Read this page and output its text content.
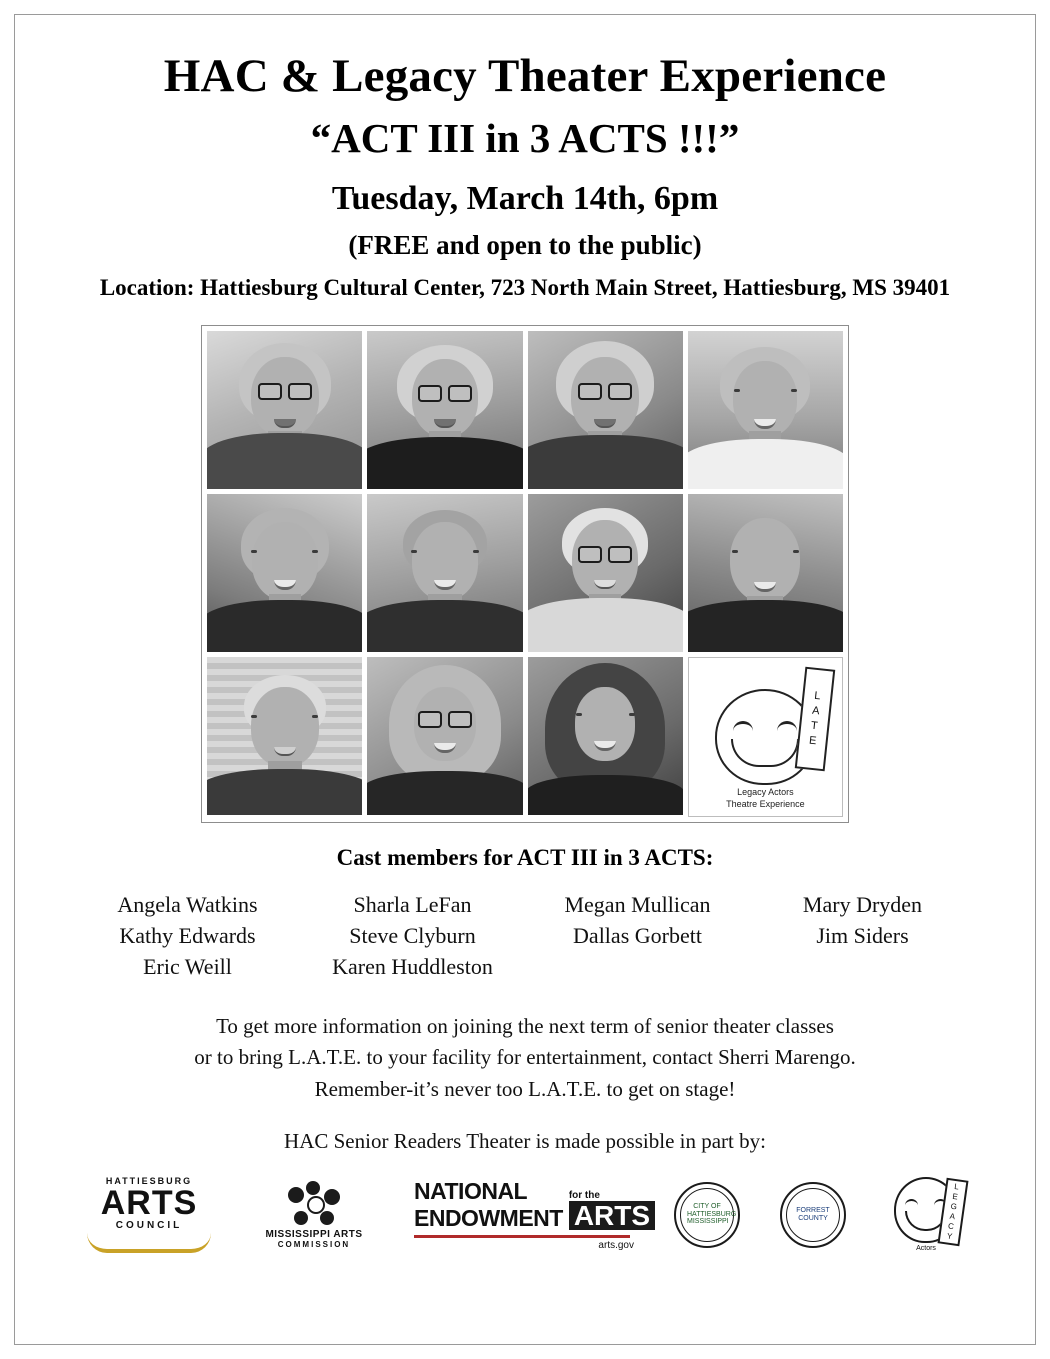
HAC & Legacy Theater Experience
“ACT III in 3 ACTS !!!”
Tuesday, March 14th, 6pm
(FREE and open to the public)
Location: Hattiesburg Cultural Center, 723 North Main Street, Hattiesburg, MS 39401
L
A
T
E
Legacy Actors
Theatre Experience
Cast members for ACT III in 3 ACTS:
Angela Watkins
Kathy Edwards
Eric Weill
Sharla LeFan
Steve Clyburn
Karen Huddleston
Megan Mullican
Dallas Gorbett
Mary Dryden
Jim Siders
To get more information on joining the next term of senior theater classes
or to bring L.A.T.E. to your facility for entertainment, contact Sherri Marengo.
Remember-it’s never too L.A.T.E. to get on stage!
HAC Senior Readers Theater is made possible in part by:
HATTIESBURG
ARTS
COUNCIL
MISSISSIPPI ARTS
COMMISSION
NATIONAL
ENDOWMENT
for the
ARTS
arts.gov
CITY OF HATTIESBURG MISSISSIPPI
FORREST COUNTY
L
E
G
A
C
Y
Actors
